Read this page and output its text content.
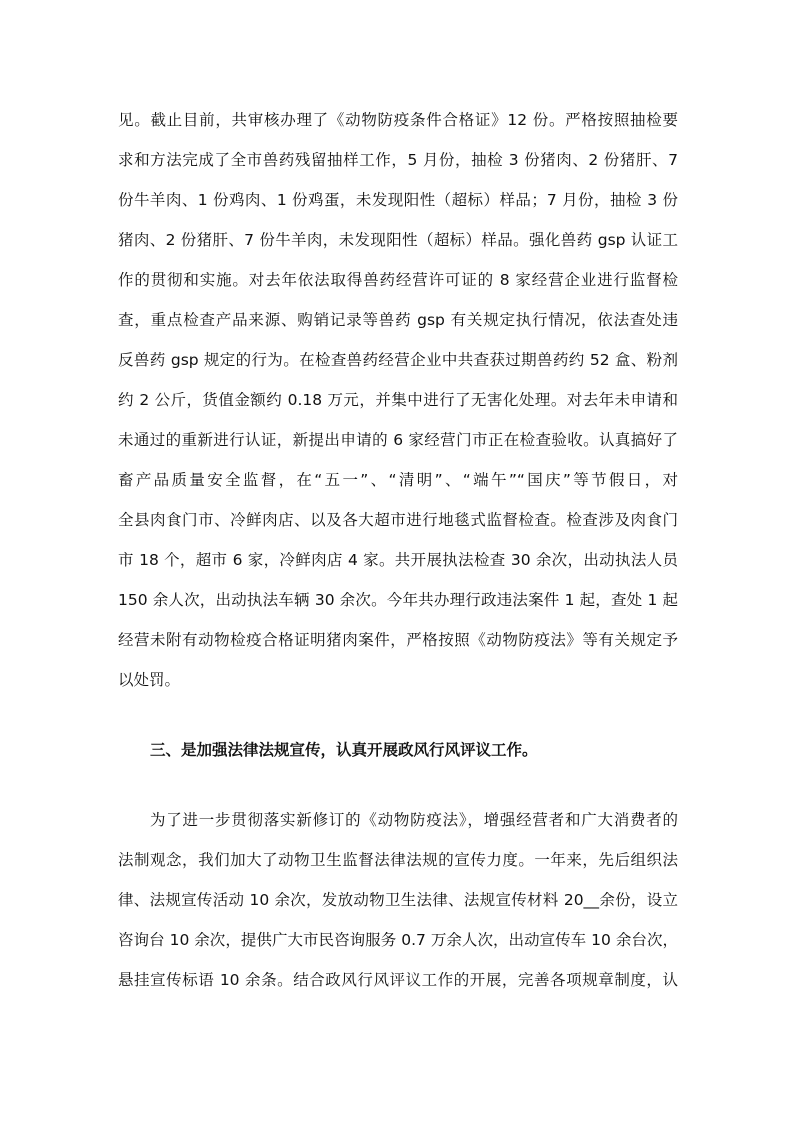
见。截止目前，共审核办理了《动物防疫条件合格证》12 份。严格按照抽检要
求和方法完成了全市兽药残留抽样工作，5 月份，抽检 3 份猪肉、2 份猪肝、7
份牛羊肉、1 份鸡肉、1 份鸡蛋，未发现阳性（超标）样品；7 月份，抽检 3 份
猪肉、2 份猪肝、7 份牛羊肉，未发现阳性（超标）样品。强化兽药 gsp 认证工
作的贯彻和实施。对去年依法取得兽药经营许可证的 8 家经营企业进行监督检
查，重点检查产品来源、购销记录等兽药 gsp 有关规定执行情况，依法查处违
反兽药 gsp 规定的行为。在检查兽药经营企业中共查获过期兽药约 52 盒、粉剂
约 2 公斤，货值金额约 0.18 万元，并集中进行了无害化处理。对去年未申请和
未通过的重新进行认证，新提出申请的 6 家经营门市正在检查验收。认真搞好了
畜产品质量安全监督，在“五一”、“清明”、“端午”“国庆”等节假日，对
全县肉食门市、冷鲜肉店、以及各大超市进行地毯式监督检查。检查涉及肉食门
市 18 个，超市 6 家，冷鲜肉店 4 家。共开展执法检查 30 余次，出动执法人员
150 余人次，出动执法车辆 30 余次。今年共办理行政违法案件 1 起，查处 1 起
经营未附有动物检疫合格证明猪肉案件，严格按照《动物防疫法》等有关规定予
以处罚。
三、是加强法律法规宣传，认真开展政风行风评议工作。
为了进一步贯彻落实新修订的《动物防疫法》，增强经营者和广大消费者的
法制观念，我们加大了动物卫生监督法律法规的宣传力度。一年来，先后组织法
律、法规宣传活动 10 余次，发放动物卫生法律、法规宣传材料 20__余份，设立
咨询台 10 余次，提供广大市民咨询服务 0.7 万余人次，出动宣传车 10 余台次，
悬挂宣传标语 10 余条。结合政风行风评议工作的开展，完善各项规章制度，认
